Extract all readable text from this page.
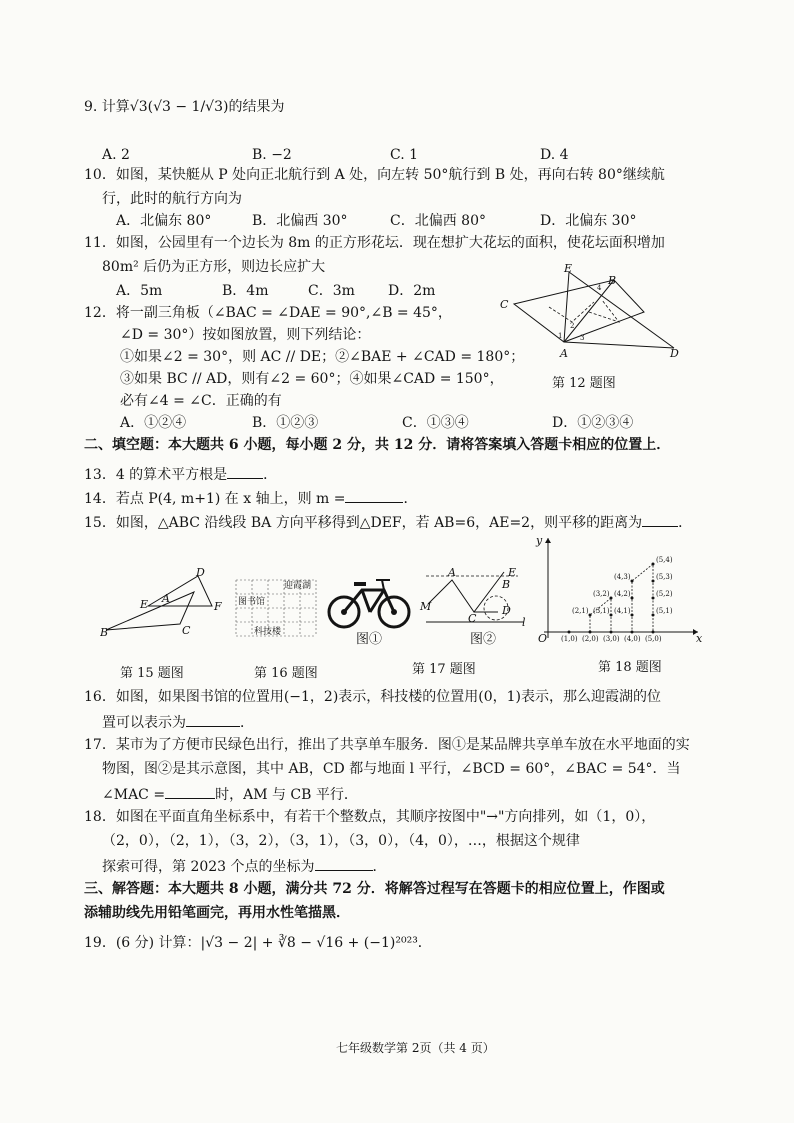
9. 计算√3(√3 − 1/√3)的结果为
A. 2	B. −2	C. 1	D. 4
10．如图，某快艇从 P 处向正北航行到 A 处，向左转 50°航行到 B 处，再向右转 80°继续航
行，此时的航行方向为
A．北偏东 80°	B．北偏西 30°	C．北偏西 80°	D．北偏东 30°
11．如图，公园里有一个边长为 8m 的正方形花坛．现在想扩大花坛的面积，使花坛面积增加
80m² 后仍为正方形，则边长应扩大
A．5m	B．4m	C．3m D．2m
12．将一副三角板（∠BAC = ∠DAE = 90°,∠B = 45°，
∠D = 30°）按如图放置，则下列结论：
①如果∠2 = 30°，则 AC // DE；②∠BAE + ∠CAD = 180°；
③如果 BC // AD，则有∠2 = 60°；④如果∠CAD = 150°，
必有∠4 = ∠C．正确的有
A．①②④	B．①②③	C．①③④	D．①②③④
E
B
C
A	D
1
2
3
4
第 12 题图
二、填空题：本大题共 6 小题，每小题 2 分，共 12 分．请将答案填入答题卡相应的位置上．
13．4 的算术平方根是	．
14．若点 P(4, m+1) 在 x 轴上，则 m =	．
15．如图，△ABC 沿线段 BA 方向平移得到△DEF，若 AB=6，AE=2，则平移的距离为	．
B
E A
D
F
C
第 15 题图
迎霞湖
图书馆
科技楼
第 16 题图
图①
M
A	E
B
C
D
l
图②
第 17 题图
y
x
O (1,0) (2,0) (3,0) (4,0) (5,0)
(2,1)
(3,2)
(3,1)
(4,3)
(4,2)
(4,1)
(5,4)
(5,3)
(5,2)
(5,1)
第 18 题图
16．如图，如果图书馆的位置用(−1，2)表示，科技楼的位置用(0，1)表示，那么迎霞湖的位
置可以表示为	．
17．某市为了方便市民绿色出行，推出了共享单车服务．图①是某品牌共享单车放在水平地面的实
物图，图②是其示意图，其中 AB，CD 都与地面 l 平行，∠BCD = 60°，∠BAC = 54°．当
∠MAC =	时，AM 与 CB 平行．
18．如图在平面直角坐标系中，有若干个整数点，其顺序按图中"→"方向排列，如（1，0），
（2，0），（2，1），（3，2），（3，1），（3，0），（4，0），…，根据这个规律
探索可得，第 2023 个点的坐标为	．
三、解答题：本大题共 8 小题，满分共 72 分．将解答过程写在答题卡的相应位置上，作图或
添辅助线先用铅笔画完，再用水性笔描黑．
19．(6 分) 计算：|√3 − 2| + ∛8 − √16 + (−1)²⁰²³．
七年级数学第 2页（共 4 页）
